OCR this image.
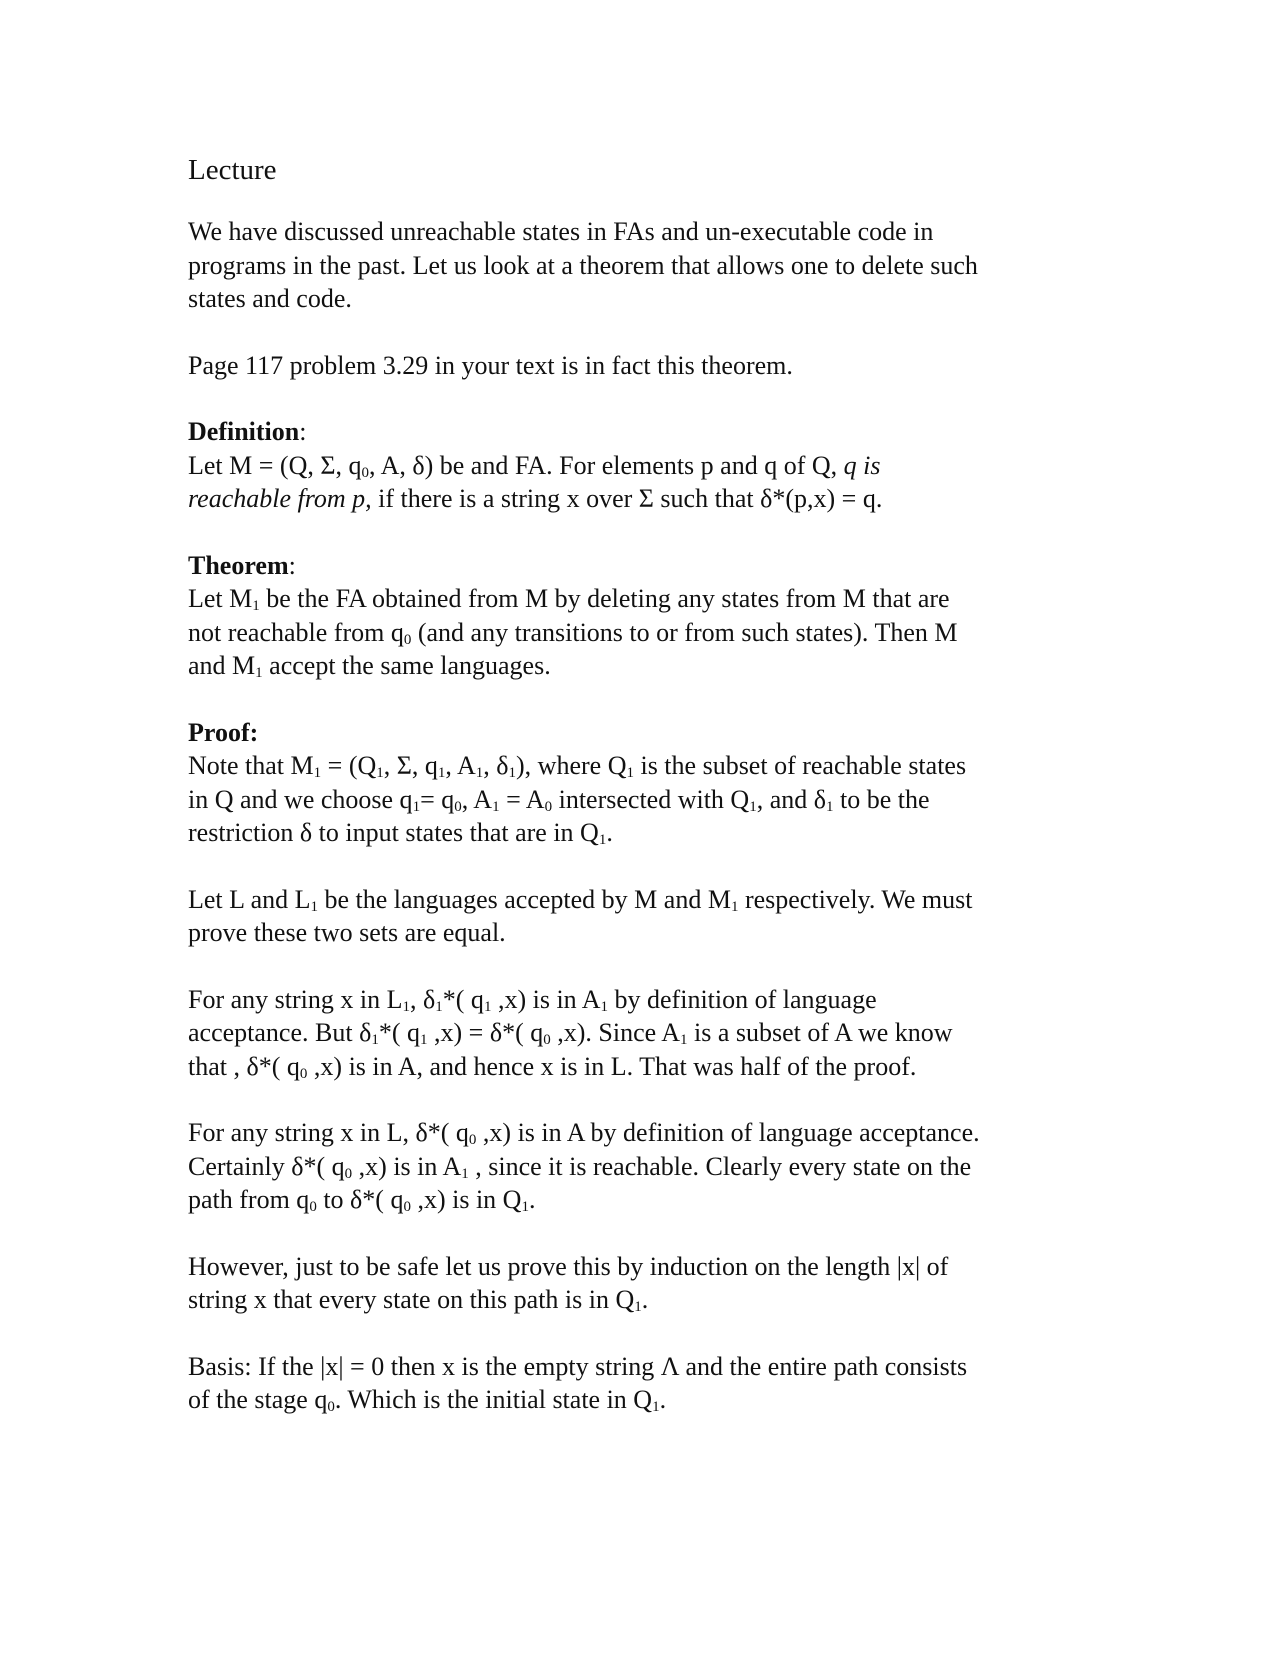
Lecture

We have discussed unreachable states in FAs and un-executable code in

programs in the past. Let us look at a theorem that allows one to delete such

states and code.

Page 117 problem 3.29 in your text is in fact this theorem.

Definition:

Let M = (Q, Σ, $q_0$, A, δ) be and FA. For elements p and q of Q, q is

reachable from p, if there is a string x over Σ such that δ*(p,x) = q.

Theorem:

Let $M_1$ be the FA obtained from M by deleting any states from M that are

not reachable from $q_0$ (and any transitions to or from such states). Then M

and $M_1$ accept the same languages.

Proof:

Note that $M_1 = (Q_1$, Σ, $q_1$, $A_1$, $\delta_1$), where $Q_1$ is the subset of reachable states

in Q and we choose $q_1= q_0$, $A_1 = A_0$ intersected with $Q_1$, and $\delta_1$ to be the

restriction δ to input states that are in $Q_1$.

Let L and $L_1$ be the languages accepted by M and $M_1$ respectively. We must

prove these two sets are equal.

For any string x in $L_1$, $\delta_1*$( $q_1$ ,x) is in $A_1$ by definition of language

acceptance. But $\delta_1*$( $q_1$ ,x) = δ*( $q_0$ ,x). Since $A_1$ is a subset of A we know

that , δ*( $q_0$ ,x) is in A, and hence x is in L. That was half of the proof.

For any string x in L, δ*( $q_0$ ,x) is in A by definition of language acceptance.

Certainly δ*( $q_0$ ,x) is in $A_1$ , since it is reachable. Clearly every state on the

path from $q_0$ to δ*( $q_0$ ,x) is in $Q_1$.

However, just to be safe let us prove this by induction on the length |x| of

string x that every state on this path is in $Q_1$.

Basis: If the |x| = 0 then x is the empty string Λ and the entire path consists

of the stage $q_0$. Which is the initial state in $Q_1$.
